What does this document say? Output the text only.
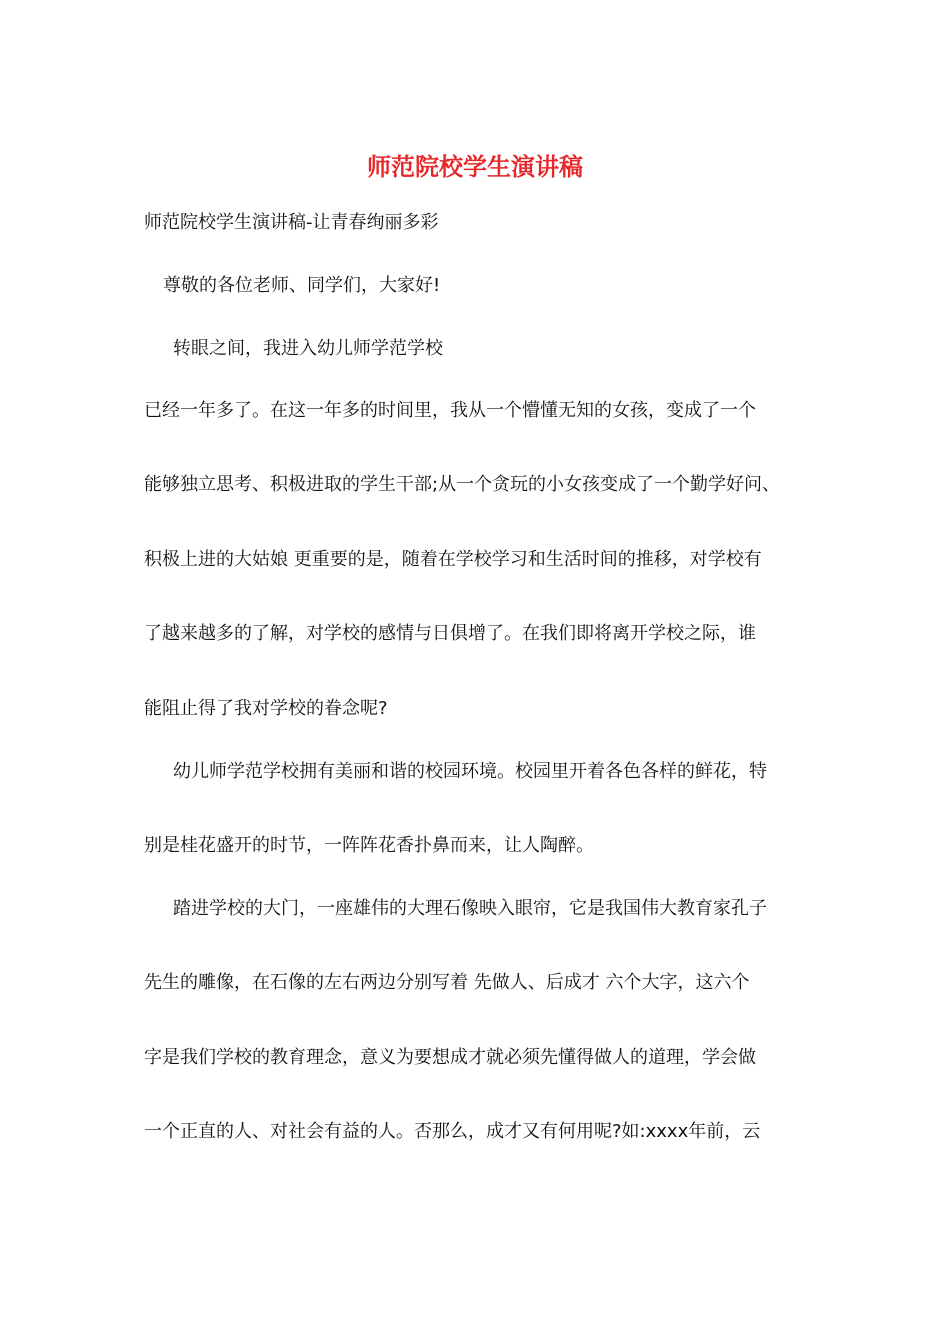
师范院校学生演讲稿
师范院校学生演讲稿-让青春绚丽多彩
尊敬的各位老师、同学们，大家好!
转眼之间，我进入幼儿师学范学校
已经一年多了。在这一年多的时间里，我从一个懵懂无知的女孩，变成了一个
能够独立思考、积极进取的学生干部;从一个贪玩的小女孩变成了一个勤学好问、
积极上进的大姑娘 更重要的是，随着在学校学习和生活时间的推移，对学校有
了越来越多的了解，对学校的感情与日俱增了。在我们即将离开学校之际，谁
能阻止得了我对学校的眷念呢?
幼儿师学范学校拥有美丽和谐的校园环境。校园里开着各色各样的鲜花，特
别是桂花盛开的时节，一阵阵花香扑鼻而来，让人陶醉。
踏进学校的大门，一座雄伟的大理石像映入眼帘，它是我国伟大教育家孔子
先生的雕像，在石像的左右两边分别写着 先做人、后成才 六个大字，这六个
字是我们学校的教育理念，意义为要想成才就必须先懂得做人的道理，学会做
一个正直的人、对社会有益的人。否那么，成才又有何用呢?如:xxxx年前，云
